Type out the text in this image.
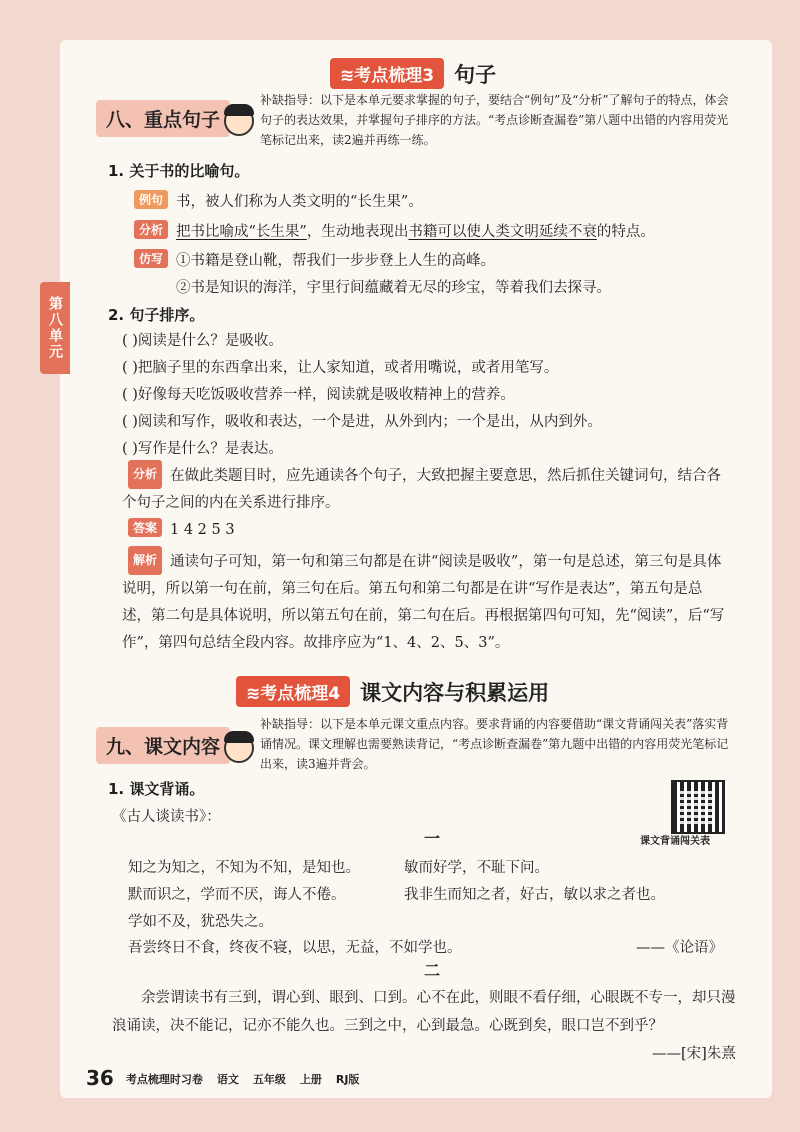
第八单元
≋考点梳理3 句子
八、重点句子
补缺指导：以下是本单元要求掌握的句子，要结合“例句”及“分析”了解句子的特点，体会句子的表达效果，并掌握句子排序的方法。“考点诊断查漏卷”第八题中出错的内容用荧光笔标记出来，读2遍并再练一练。
1. 关于书的比喻句。
例句 书，被人们称为人类文明的“长生果”。
分析 把书比喻成“长生果”，生动地表现出书籍可以使人类文明延续不衰的特点。
仿写 ①书籍是登山靴，帮我们一步步登上人生的高峰。
②书是知识的海洋，宇里行间蕴藏着无尽的珍宝，等着我们去探寻。
2. 句子排序。
( )阅读是什么？是吸收。
( )把脑子里的东西拿出来，让人家知道，或者用嘴说，或者用笔写。
( )好像每天吃饭吸收营养一样，阅读就是吸收精神上的营养。
( )阅读和写作，吸收和表达，一个是进，从外到内；一个是出，从内到外。
( )写作是什么？是表达。
分析 在做此类题目时，应先通读各个句子，大致把握主要意思，然后抓住关键词句，结合各个句子之间的内在关系进行排序。
答案 1 4 2 5 3
解析 通读句子可知，第一句和第三句都是在讲“阅读是吸收”，第一句是总述，第三句是具体说明，所以第一句在前，第三句在后。第五句和第二句都是在讲“写作是表达”，第五句是总述，第二句是具体说明，所以第五句在前，第二句在后。再根据第四句可知，先“阅读”，后“写作”，第四句总结全段内容。故排序应为“1、4、2、5、3”。
≋考点梳理4 课文内容与积累运用
九、课文内容
补缺指导：以下是本单元课文重点内容。要求背诵的内容要借助“课文背诵闯关表”落实背诵情况。课文理解也需要熟读背记，“考点诊断查漏卷”第九题中出错的内容用荧光笔标记出来，读3遍并背会。
1. 课文背诵。
《古人谈读书》：
课文背诵闯关表
一
知之为知之，不知为不知，是知也。	敏而好学，不耻下问。
默而识之，学而不厌，诲人不倦。	我非生而知之者，好古，敏以求之者也。
学如不及，犹恐失之。
吾尝终日不食，终夜不寝，以思，无益，不如学也。	——《论语》
二
余尝谓读书有三到，谓心到、眼到、口到。心不在此，则眼不看仔细，心眼既不专一，却只漫浪诵读，决不能记，记亦不能久也。三到之中，心到最急。心既到矣，眼口岂不到乎？
——[宋]朱熹
36 考点梳理时习卷 语文 五年级 上册 RJ版
